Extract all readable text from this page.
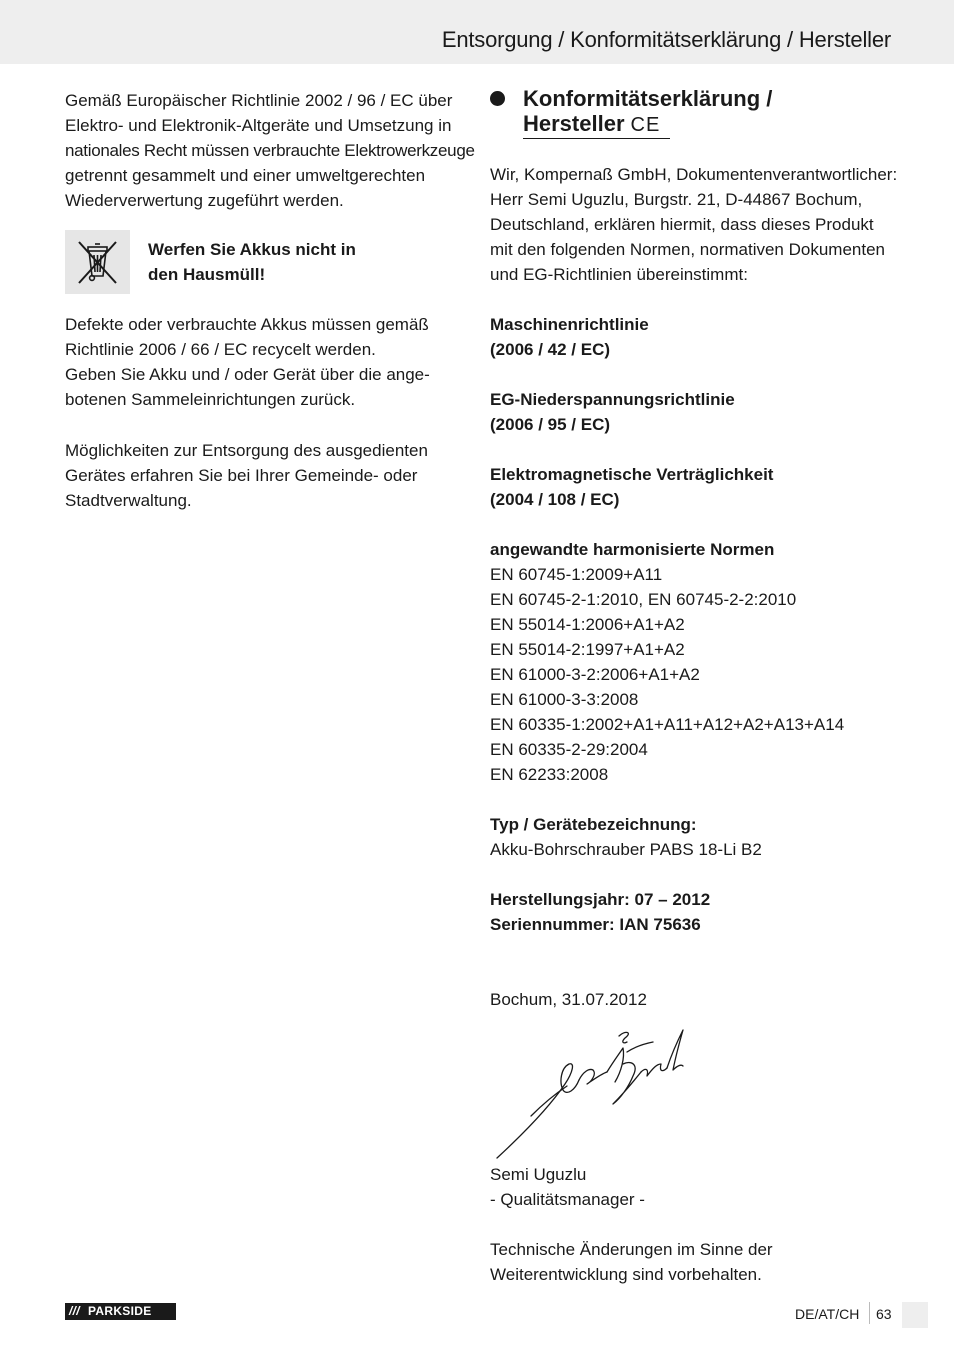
Entsorgung / Konformitätserklärung / Hersteller

Gemäß Europäischer Richtlinie 2002 / 96 / EC über
Elektro- und Elektronik-Altgeräte und Umsetzung in
nationales Recht müssen verbrauchte Elektrowerkzeuge
getrennt gesammelt und einer umweltgerechten
Wiederverwertung zugeführt werden.

Werfen Sie Akkus nicht in
den Hausmüll!

Defekte oder verbrauchte Akkus müssen gemäß
Richtlinie 2006 / 66 / EC recycelt werden.
Geben Sie Akku und / oder Gerät über die ange-
botenen Sammeleinrichtungen zurück.

Möglichkeiten zur Entsorgung des ausgedienten
Gerätes erfahren Sie bei Ihrer Gemeinde- oder
Stadtverwaltung.

Konformitätserklärung /
Hersteller CE

Wir, Kompernaß GmbH, Dokumentenverantwortlicher:
Herr Semi Uguzlu, Burgstr. 21, D-44867 Bochum,
Deutschland, erklären hiermit, dass dieses Produkt
mit den folgenden Normen, normativen Dokumenten
und EG-Richtlinien übereinstimmt:

Maschinenrichtlinie
(2006 / 42 / EC)

EG-Niederspannungsrichtlinie
(2006 / 95 / EC)

Elektromagnetische Verträglichkeit
(2004 / 108 / EC)

angewandte harmonisierte Normen
EN 60745-1:2009+A11
EN 60745-2-1:2010, EN 60745-2-2:2010
EN 55014-1:2006+A1+A2
EN 55014-2:1997+A1+A2
EN 61000-3-2:2006+A1+A2
EN 61000-3-3:2008
EN 60335-1:2002+A1+A11+A12+A2+A13+A14
EN 60335-2-29:2004
EN 62233:2008

Typ / Gerätebezeichnung:
Akku-Bohrschrauber PABS 18-Li B2

Herstellungsjahr: 07 – 2012
Seriennummer: IAN 75636

Bochum, 31.07.2012

Semi Uguzlu
- Qualitätsmanager -

Technische Änderungen im Sinne der
Weiterentwicklung sind vorbehalten.

/// PARKSIDE	DE/AT/CH 63
